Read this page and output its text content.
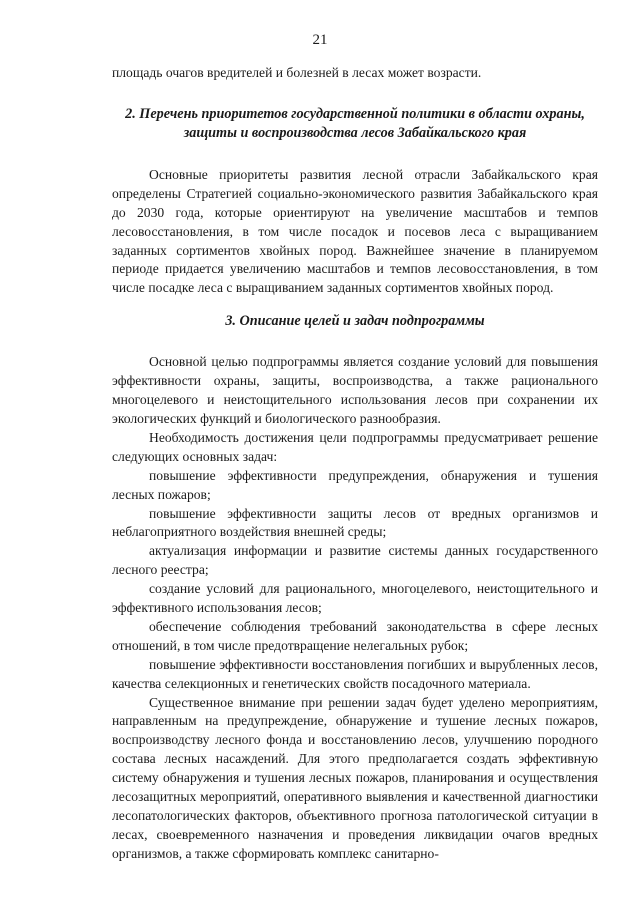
21

площадь очагов вредителей и болезней в лесах может возрасти.

2. Перечень приоритетов государственной политики в области охраны, защиты и воспроизводства лесов Забайкальского края

Основные приоритеты развития лесной отрасли Забайкальского края определены Стратегией социально-экономического развития Забайкальского края до 2030 года, которые ориентируют на увеличение масштабов и темпов лесовосстановления, в том числе посадок и посевов леса с выращиванием заданных сортиментов хвойных пород. Важнейшее значение в планируемом периоде придается увеличению масштабов и темпов лесовосстановления, в том числе посадке леса с выращиванием заданных сортиментов хвойных пород.

3. Описание целей и задач подпрограммы

Основной целью подпрограммы является создание условий для повышения эффективности охраны, защиты, воспроизводства, а также рационального многоцелевого и неистощительного использования лесов при сохранении их экологических функций и биологического разнообразия.

Необходимость достижения цели подпрограммы предусматривает решение следующих основных задач:

повышение эффективности предупреждения, обнаружения и тушения лесных пожаров;

повышение эффективности защиты лесов от вредных организмов и неблагоприятного воздействия внешней среды;

актуализация информации и развитие системы данных государственного лесного реестра;

создание условий для рационального, многоцелевого, неистощительного и эффективного использования лесов;

обеспечение соблюдения требований законодательства в сфере лесных отношений, в том числе предотвращение нелегальных рубок;

повышение эффективности восстановления погибших и вырубленных лесов, качества селекционных и генетических свойств посадочного материала.

Существенное внимание при решении задач будет уделено мероприятиям, направленным на предупреждение, обнаружение и тушение лесных пожаров, воспроизводству лесного фонда и восстановлению лесов, улучшению породного состава лесных насаждений. Для этого предполагается создать эффективную систему обнаружения и тушения лесных пожаров, планирования и осуществления лесозащитных мероприятий, оперативного выявления и качественной диагностики лесопатологических факторов, объективного прогноза патологической ситуации в лесах, своевременного назначения и проведения ликвидации очагов вредных организмов, а также сформировать комплекс санитарно-
